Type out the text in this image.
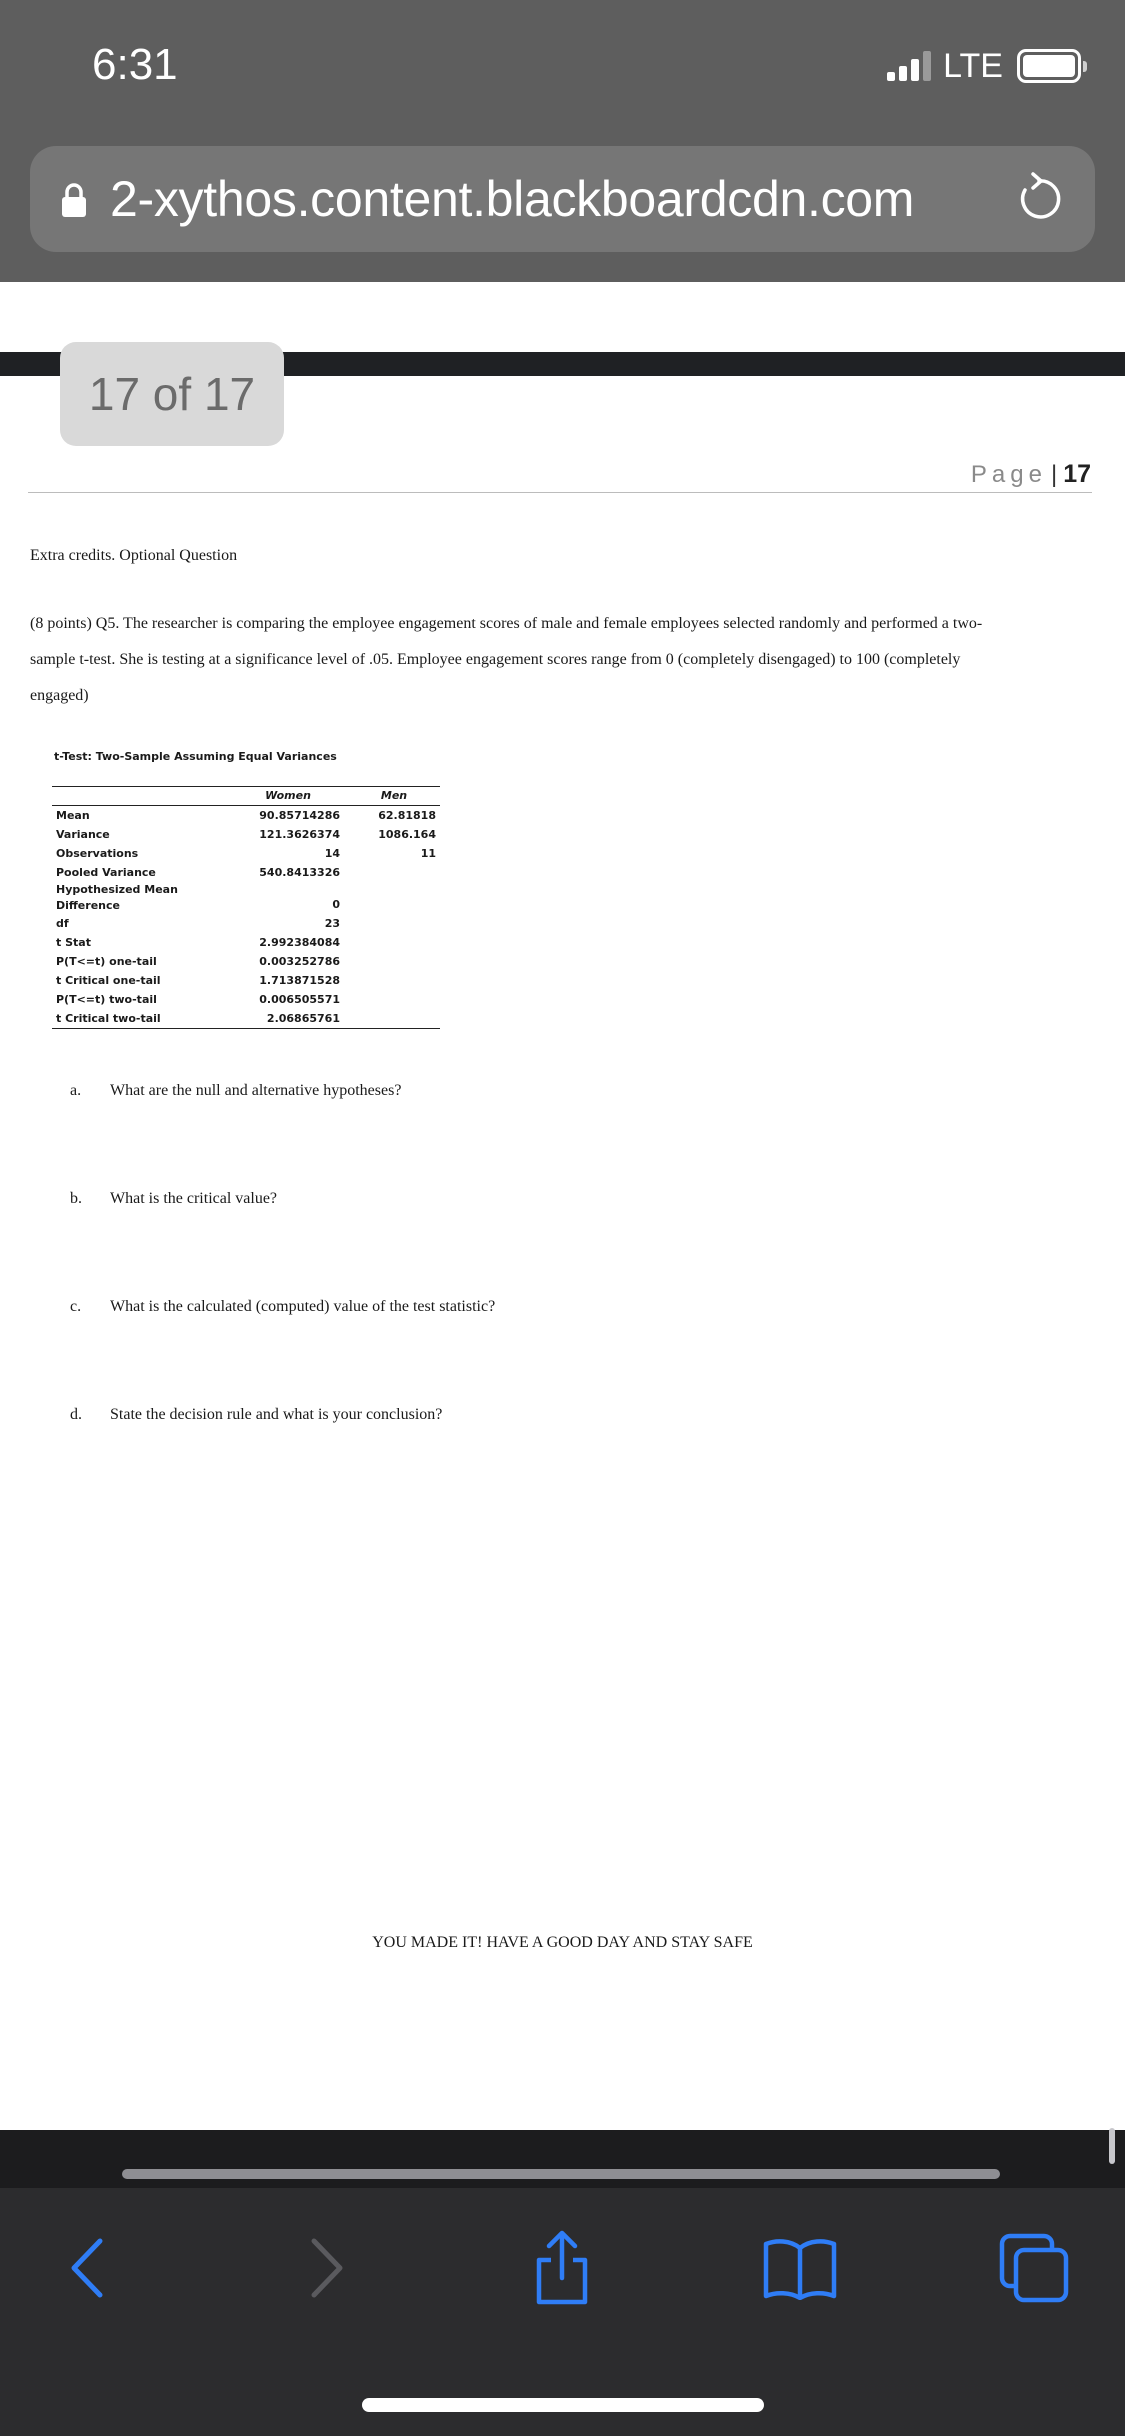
6:31	LTE
2-xythos.content.blackboardcdn.com
17 of 17
Page | 17
Extra credits. Optional Question
(8 points) Q5. The researcher is comparing the employee engagement scores of male and female employees selected randomly and performed a two-
sample t-test. She is testing at a significance level of .05. Employee engagement scores range from 0 (completely disengaged) to 100 (completely
engaged)
t-Test: Two-Sample Assuming Equal Variances
	Women	Men
Mean	90.85714286	62.81818
Variance	121.3626374	1086.164
Observations	14	11
Pooled Variance	540.8413326	
Hypothesized Mean Difference	0	
df	23	
t Stat	2.992384084	
P(T<=t) one-tail	0.003252786	
t Critical one-tail	1.713871528	
P(T<=t) two-tail	0.006505571	
t Critical two-tail	2.06865761	
a.	What are the null and alternative hypotheses?
b.	What is the critical value?
c.	What is the calculated (computed) value of the test statistic?
d.	State the decision rule and what is your conclusion?
YOU MADE IT! HAVE A GOOD DAY AND STAY SAFE
